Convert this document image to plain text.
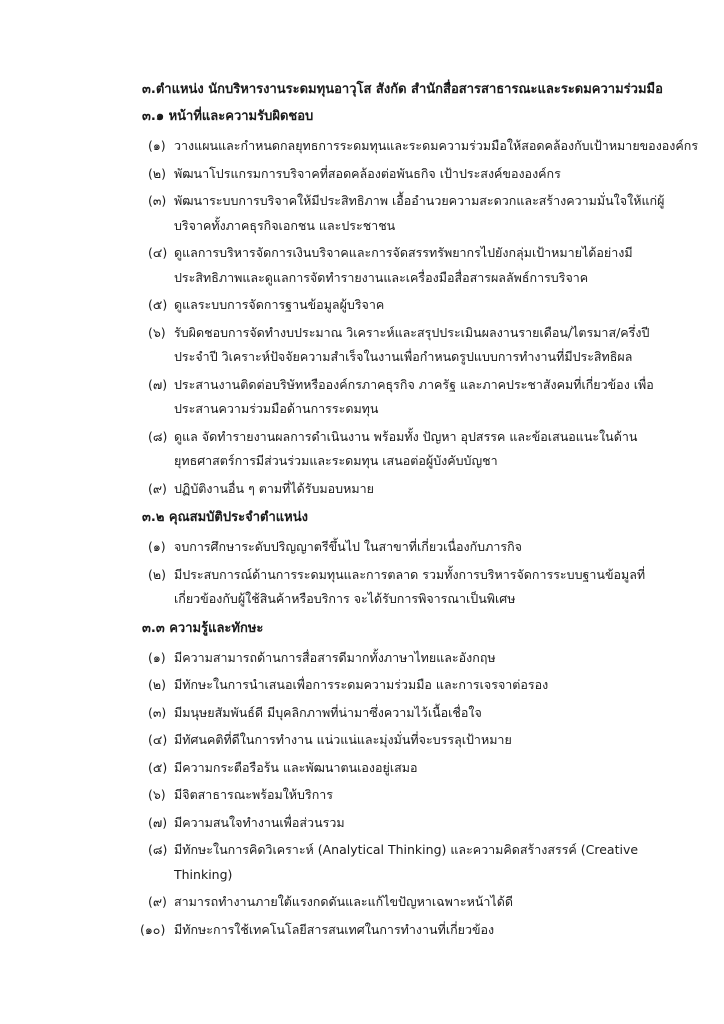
๓.ตำแหน่ง นักบริหารงานระดมทุนอาวุโส สังกัด สำนักสื่อสารสาธารณะและระดมความร่วมมือ
๓.๑ หน้าที่และความรับผิดชอบ
(๑) วางแผนและกำหนดกลยุทธการระดมทุนและระดมความร่วมมือให้สอดคล้องกับเป้าหมายขององค์กร
(๒) พัฒนาโปรแกรมการบริจาคที่สอดคล้องต่อพันธกิจ เป้าประสงค์ขององค์กร
(๓) พัฒนาระบบการบริจาคให้มีประสิทธิภาพ เอื้ออำนวยความสะดวกและสร้างความมั่นใจให้แก่ผู้บริจาคทั้งภาคธุรกิจเอกชน และประชาชน
(๔) ดูแลการบริหารจัดการเงินบริจาคและการจัดสรรทรัพยากรไปยังกลุ่มเป้าหมายได้อย่างมีประสิทธิภาพและดูแลการจัดทำรายงานและเครื่องมือสื่อสารผลลัพธ์การบริจาค
(๕) ดูแลระบบการจัดการฐานข้อมูลผู้บริจาค
(๖) รับผิดชอบการจัดทำงบประมาณ วิเคราะห์และสรุปประเมินผลงานรายเดือน/ไตรมาส/ครึ่งปี ประจำปี วิเคราะห์ปัจจัยความสำเร็จในงานเพื่อกำหนดรูปแบบการทำงานที่มีประสิทธิผล
(๗) ประสานงานติดต่อบริษัทหรือองค์กรภาคธุรกิจ ภาครัฐ และภาคประชาสังคมที่เกี่ยวข้อง เพื่อประสานความร่วมมือด้านการระดมทุน
(๘) ดูแล จัดทำรายงานผลการดำเนินงาน พร้อมทั้ง ปัญหา อุปสรรค และข้อเสนอแนะในด้านยุทธศาสตร์การมีส่วนร่วมและระดมทุน เสนอต่อผู้บังคับบัญชา
(๙) ปฏิบัติงานอื่น ๆ ตามที่ได้รับมอบหมาย
๓.๒ คุณสมบัติประจำตำแหน่ง
(๑) จบการศึกษาระดับปริญญาตรีขึ้นไป ในสาขาที่เกี่ยวเนื่องกับภารกิจ
(๒) มีประสบการณ์ด้านการระดมทุนและการตลาด รวมทั้งการบริหารจัดการระบบฐานข้อมูลที่เกี่ยวข้องกับผู้ใช้สินค้าหรือบริการ จะได้รับการพิจารณาเป็นพิเศษ
๓.๓ ความรู้และทักษะ
(๑) มีความสามารถด้านการสื่อสารดีมากทั้งภาษาไทยและอังกฤษ
(๒) มีทักษะในการนำเสนอเพื่อการระดมความร่วมมือ และการเจรจาต่อรอง
(๓) มีมนุษยสัมพันธ์ดี มีบุคลิกภาพที่น่ามาซึ่งความไว้เนื้อเชื่อใจ
(๔) มีทัศนคติที่ดีในการทำงาน แน่วแน่และมุ่งมั่นที่จะบรรลุเป้าหมาย
(๕) มีความกระตือรือร้น และพัฒนาตนเองอยู่เสมอ
(๖) มีจิตสาธารณะพร้อมให้บริการ
(๗) มีความสนใจทำงานเพื่อส่วนรวม
(๘) มีทักษะในการคิดวิเคราะห์ (Analytical Thinking) และความคิดสร้างสรรค์ (Creative Thinking)
(๙) สามารถทำงานภายใต้แรงกดดันและแก้ไขปัญหาเฉพาะหน้าได้ดี
(๑๐) มีทักษะการใช้เทคโนโลยีสารสนเทศในการทำงานที่เกี่ยวข้อง
